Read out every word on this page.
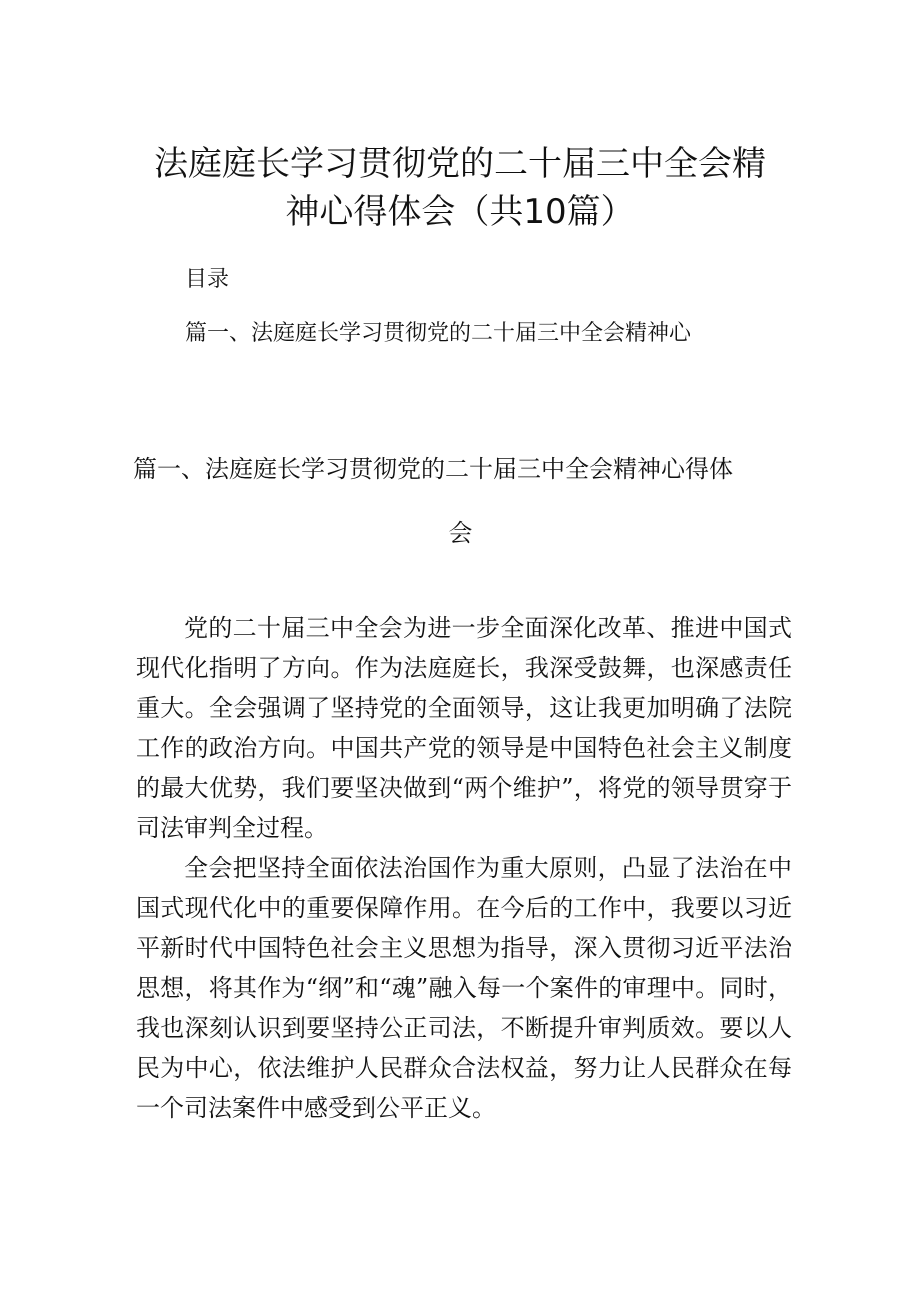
法庭庭长学习贯彻党的二十届三中全会精
神心得体会（共10篇）
目录
篇一、法庭庭长学习贯彻党的二十届三中全会精神心
篇一、法庭庭长学习贯彻党的二十届三中全会精神心得体
会

党的二十届三中全会为进一步全面深化改革、推进中国式现代化指明了方向。作为法庭庭长，我深受鼓舞，也深感责任重大。全会强调了坚持党的全面领导，这让我更加明确了法院工作的政治方向。中国共产党的领导是中国特色社会主义制度的最大优势，我们要坚决做到“两个维护”，将党的领导贯穿于司法审判全过程。

全会把坚持全面依法治国作为重大原则，凸显了法治在中国式现代化中的重要保障作用。在今后的工作中，我要以习近平新时代中国特色社会主义思想为指导，深入贯彻习近平法治思想，将其作为“纲”和“魂”融入每一个案件的审理中。同时，我也深刻认识到要坚持公正司法，不断提升审判质效。要以人民为中心，依法维护人民群众合法权益，努力让人民群众在每一个司法案件中感受到公平正义。
